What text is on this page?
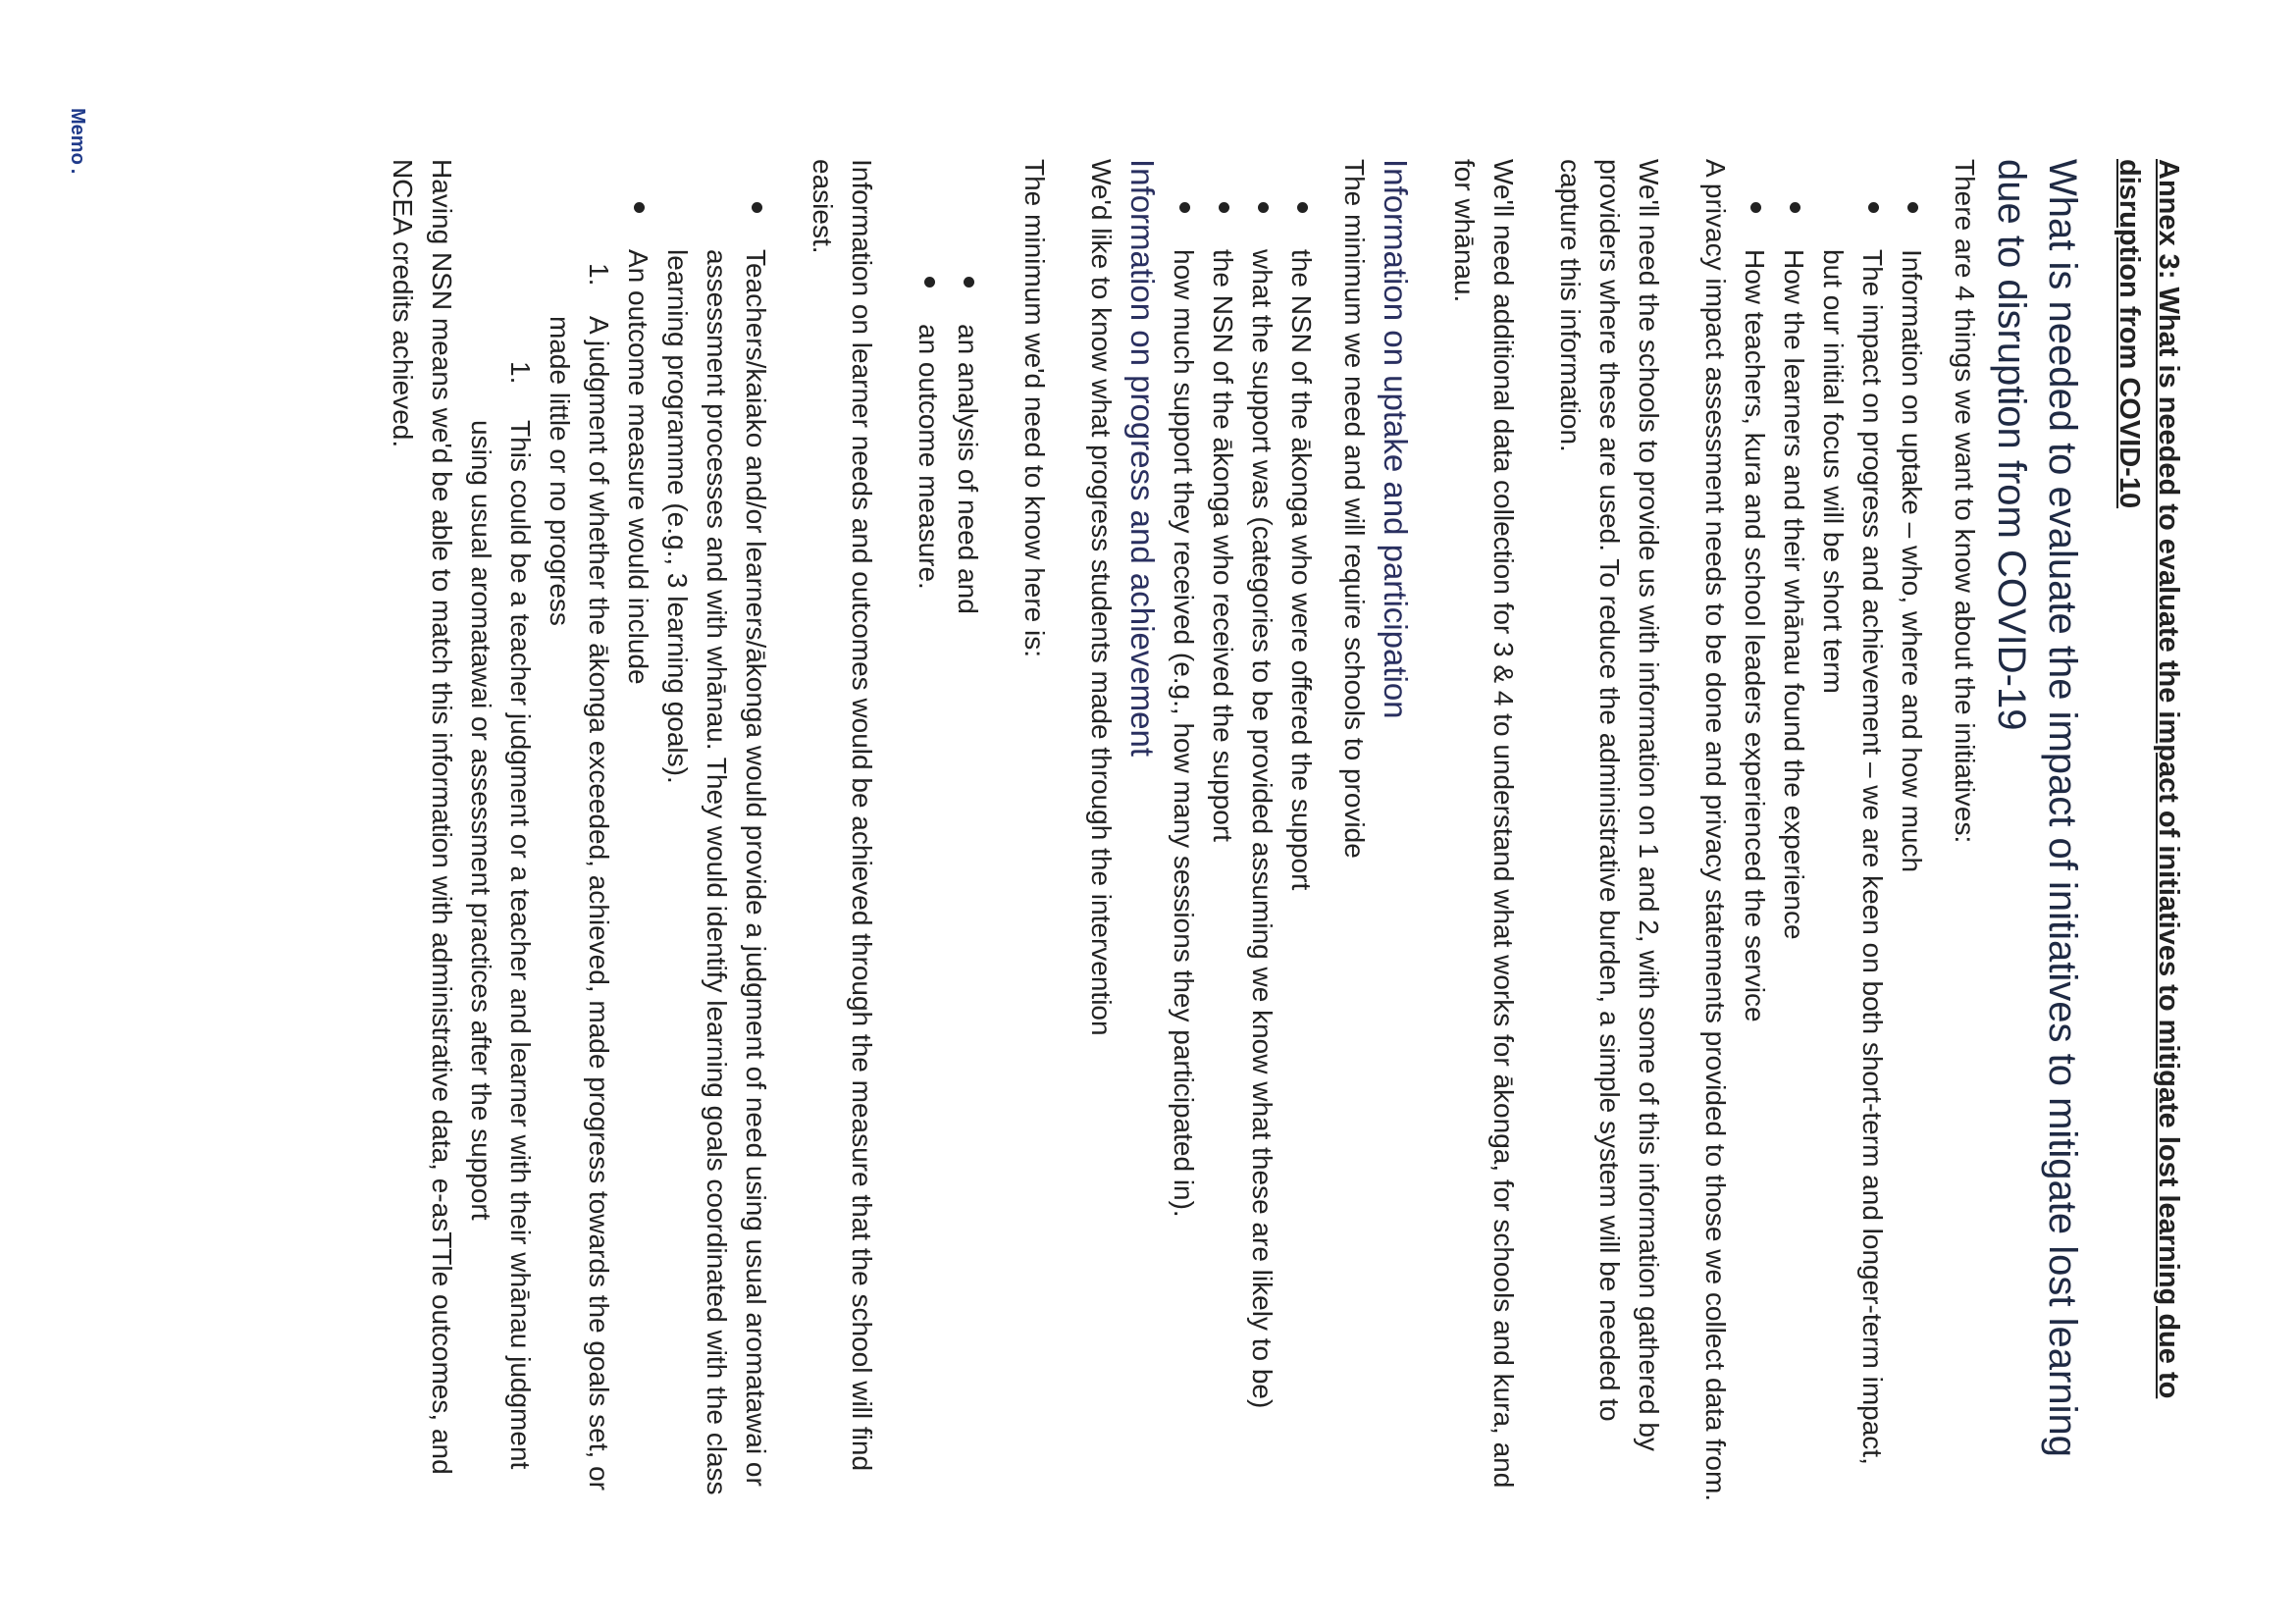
Memo.	Annex 3: What is needed to evaluate the impact of initiatives to mitigate lost learning due to disruption from COVID-10
What is needed to evaluate the impact of initiatives to mitigate lost learning due to disruption from COVID-19

There are 4 things we want to know about the initiatives:

Information on uptake – who, where and how much
The impact on progress and achievement – we are keen on both short-term and longer-term impact, but our initial focus will be short term
How the learners and their whānau found the experience
How teachers, kura and school leaders experienced the service

A privacy impact assessment needs to be done and privacy statements provided to those we collect data from.

We'll need the schools to provide us with information on 1 and 2, with some of this information gathered by providers where these are used. To reduce the administrative burden, a simple system will be needed to capture this information.

We'll need additional data collection for 3 & 4 to understand what works for ākonga, for schools and kura, and for whānau.

Information on uptake and participation

The minimum we need and will require schools to provide

the NSN of the ākonga who were offered the support
what the support was (categories to be provided assuming we know what these are likely to be)
the NSN of the ākonga who received the support
how much support they received (e.g., how many sessions they participated in).
Information on progress and achievement

We'd like to know what progress students made through the intervention

The minimum we'd need to know here is:

an analysis of need and
an outcome measure.

Information on learner needs and outcomes would be achieved through the measure that the school will find easiest.

Teachers/kaiako and/or learners/ākonga would provide a judgment of need using usual aromatawai or assessment processes and with whānau. They would identify learning goals coordinated with the class learning programme (e.g., 3 learning goals).
An outcome measure would include
1.
A judgment of whether the ākonga exceeded, achieved, made progress towards the goals set, or made little or no progress
1.
This could be a teacher judgment or a teacher and learner with their whānau judgment using usual aromatawai or assessment practices after the support

Having NSN means we'd be able to match this information with administrative data, e-asTTle outcomes, and NCEA credits achieved.
